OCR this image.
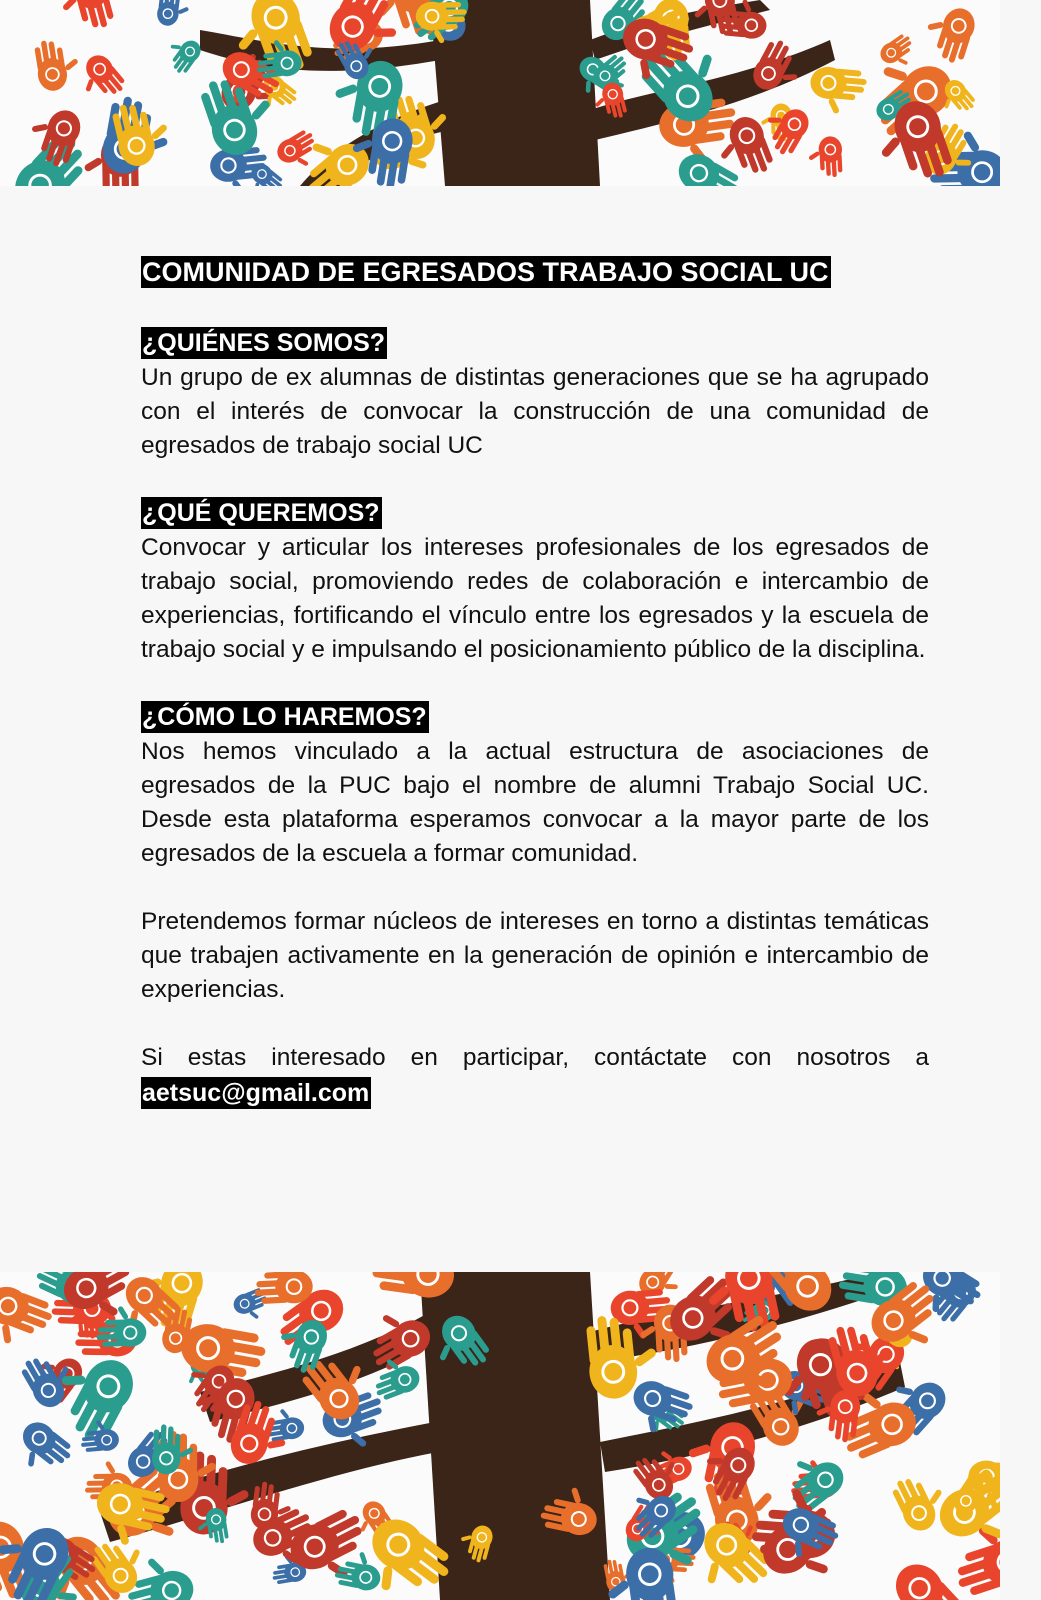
COMUNIDAD DE EGRESADOS TRABAJO SOCIAL UC
¿QUIÉNES SOMOS?

Un grupo de ex alumnas de distintas generaciones que se ha agrupado con el interés de convocar la construcción de una comunidad de egresados de trabajo social UC

¿QUÉ QUEREMOS?

Convocar y articular los intereses profesionales de los egresados de trabajo social, promoviendo redes de colaboración e intercambio de experiencias, fortificando el vínculo entre los egresados y la escuela de trabajo social y e impulsando el posicionamiento público de la disciplina.

¿CÓMO LO HAREMOS?

Nos hemos vinculado a la actual estructura de asociaciones de egresados de la PUC bajo el nombre de alumni Trabajo Social UC. Desde esta plataforma esperamos convocar a la mayor parte de los egresados de la escuela a formar comunidad.

Pretendemos formar núcleos de intereses en torno a distintas temáticas que trabajen activamente en la generación de opinión e intercambio de experiencias.

Si estas interesado en participar, contáctate con nosotros a

aetsuc@gmail.com
